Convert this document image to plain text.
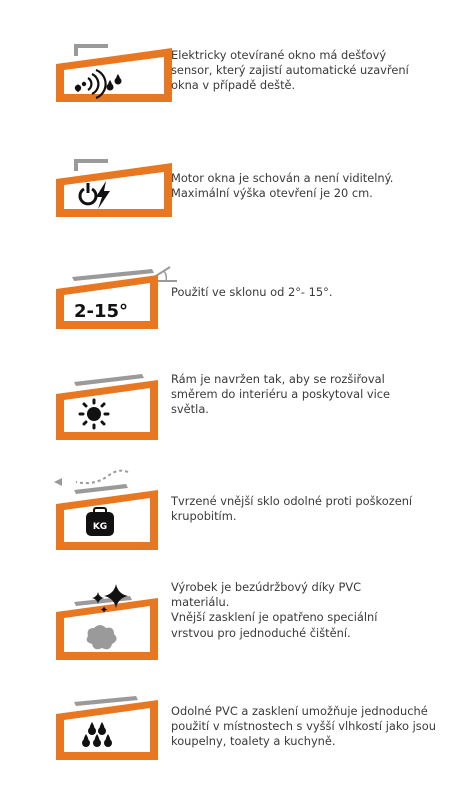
Elektricky otevírané okno má dešťový
sensor, který zajistí automatické uzavření
okna v případě deště.
Motor okna je schován a není viditelný.
Maximální výška otevření je 20 cm.
2-15°
Použití ve sklonu od 2°- 15°.
Rám je navržen tak, aby se rozšiřoval
směrem do interiéru a poskytoval vice
světla.
KG
Tvrzené vnější sklo odolné proti poškození
krupobitím.
Výrobek je bezúdržbový díky PVC
materiálu.
Vnější zasklení je opatřeno speciální
vrstvou pro jednoduché čištění.
Odolné PVC a zasklení umožňuje jednoduché
použití v místnostech s vyšší vlhkostí jako jsou
koupelny, toalety a kuchyně.
